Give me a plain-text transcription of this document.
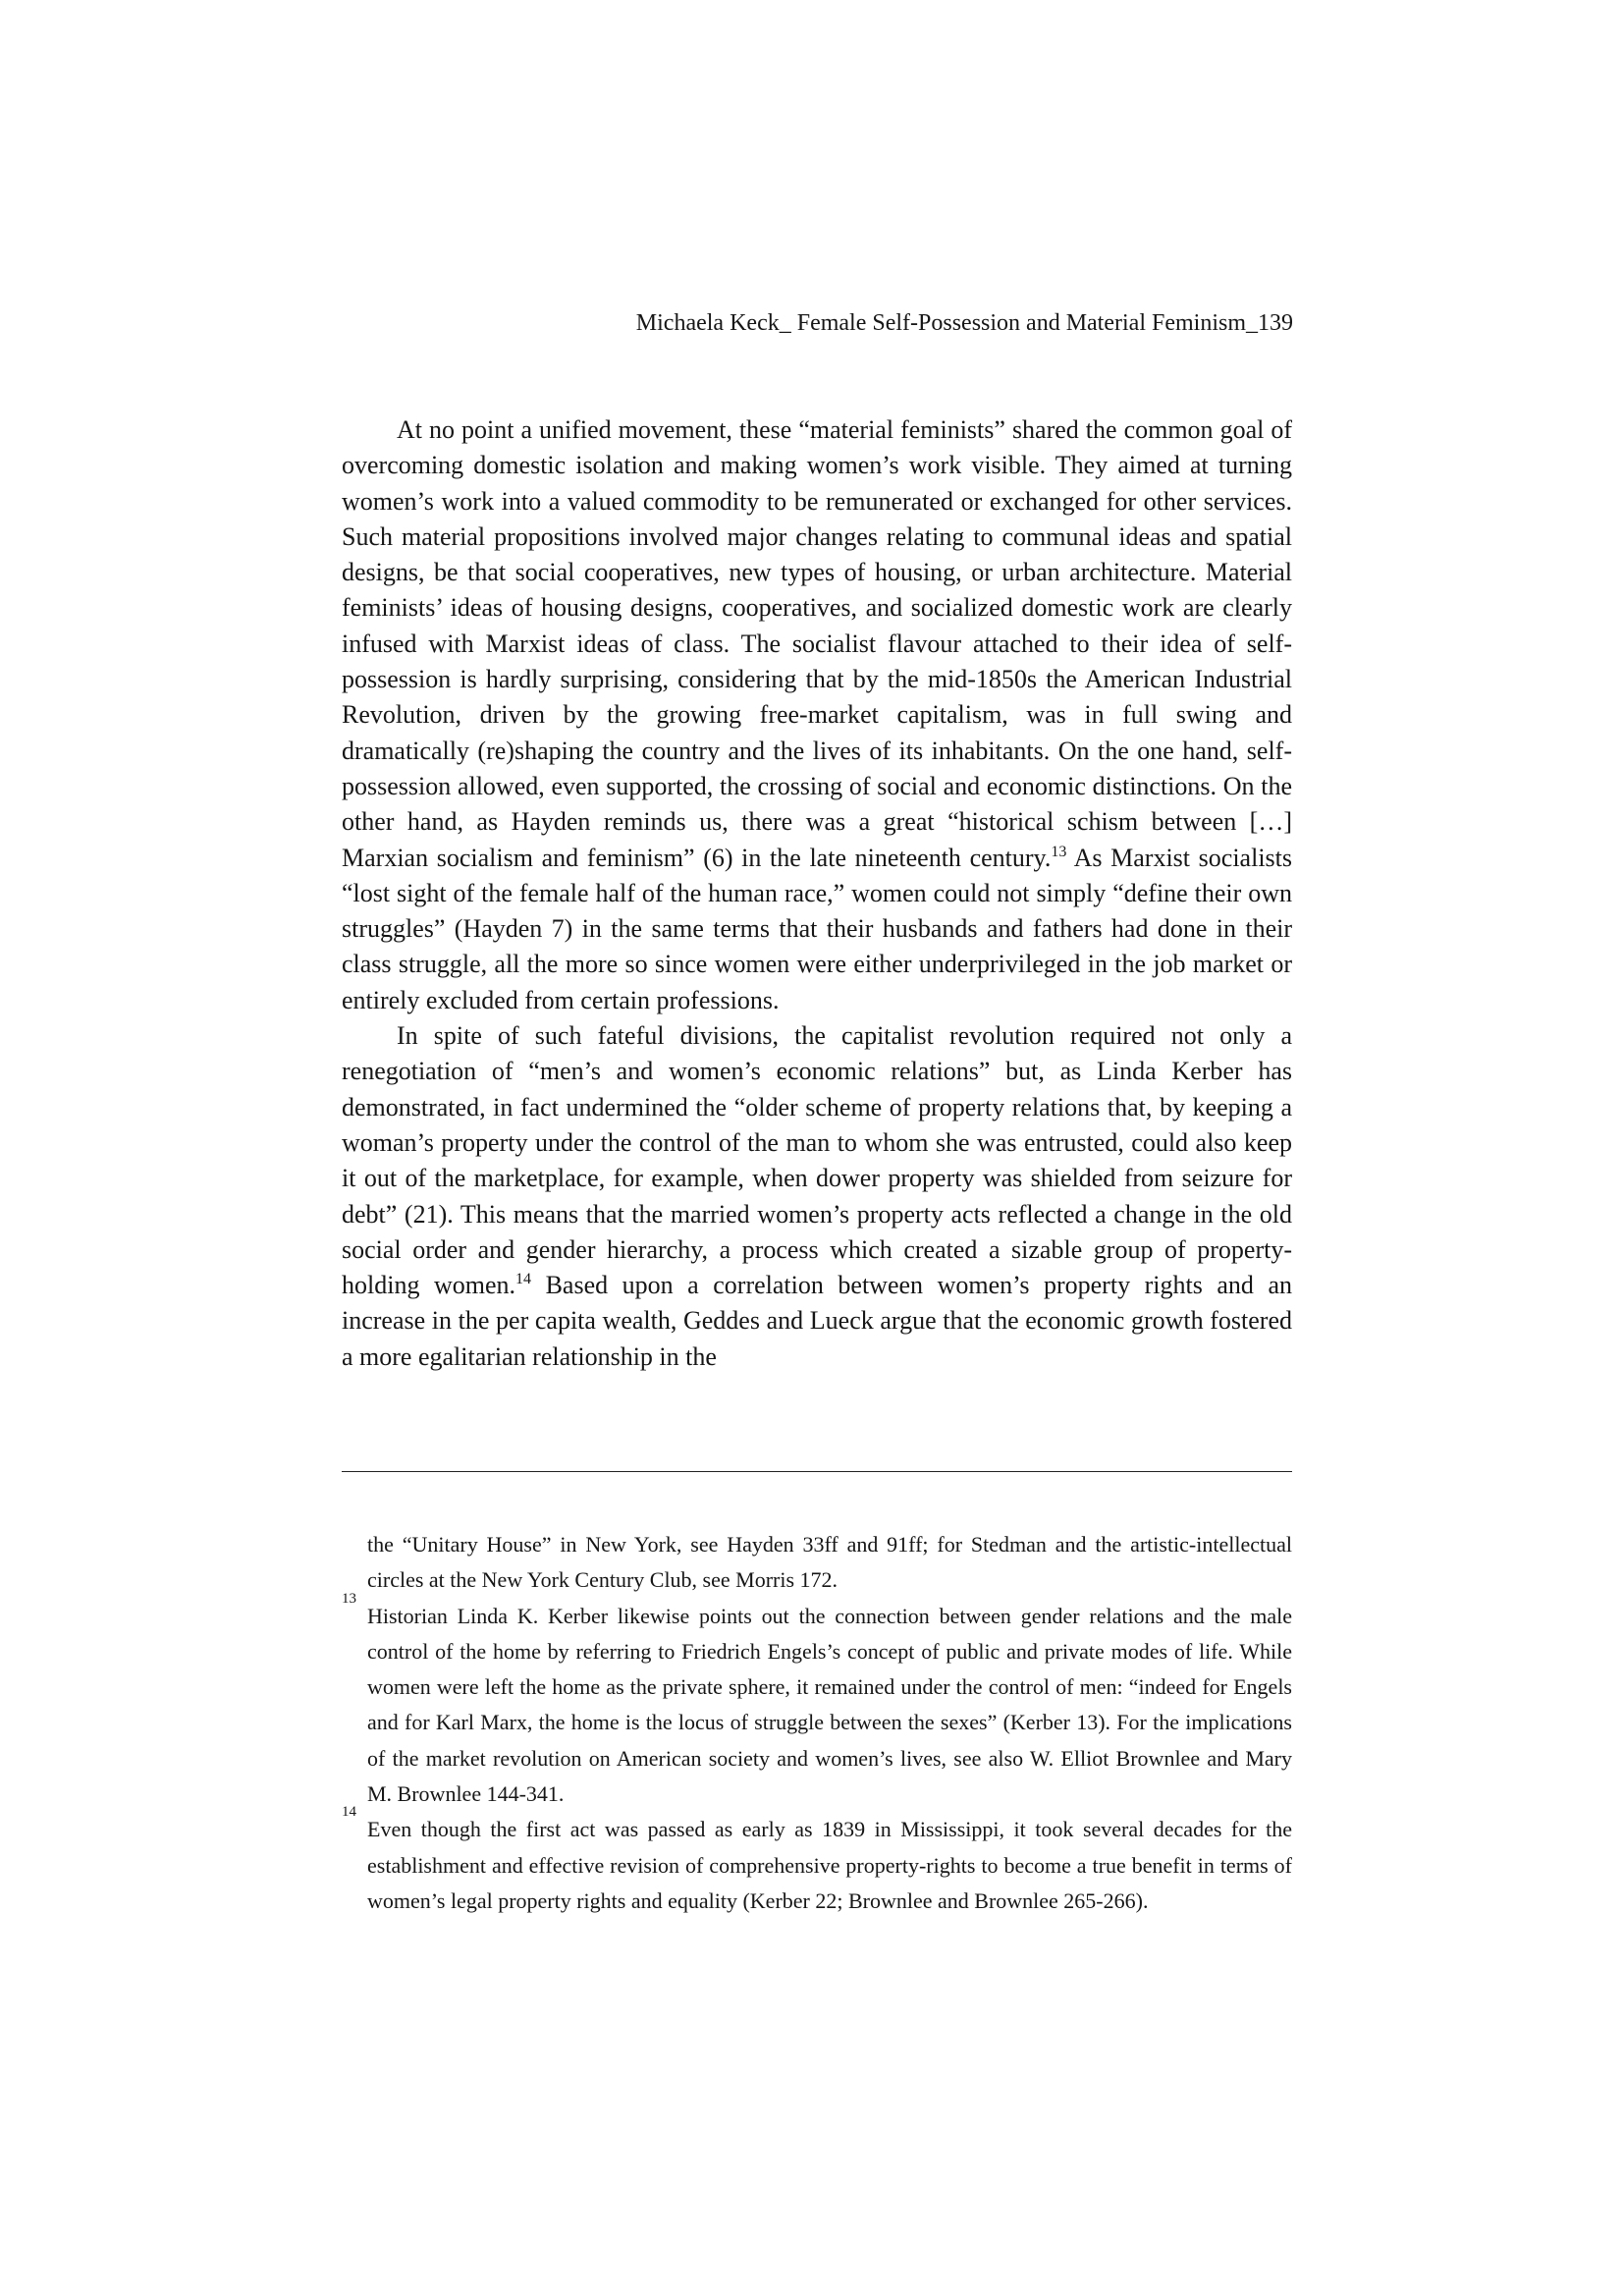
Michaela Keck_ Female Self-Possession and Material Feminism_139

At no point a unified movement, these “material feminists” shared the common goal of overcoming domestic isolation and making women’s work visible. They aimed at turning women’s work into a valued commodity to be remunerated or exchanged for other services. Such material propositions involved major changes relating to communal ideas and spatial designs, be that social cooperatives, new types of housing, or urban architecture. Material feminists’ ideas of housing designs, cooperatives, and socialized domestic work are clearly infused with Marxist ideas of class. The socialist flavour attached to their idea of self-possession is hardly surprising, considering that by the mid-1850s the American Industrial Revolution, driven by the growing free-market capitalism, was in full swing and dramatically (re)shaping the country and the lives of its inhabitants. On the one hand, self-possession allowed, even supported, the crossing of social and economic distinctions. On the other hand, as Hayden reminds us, there was a great “historical schism between […] Marxian socialism and feminism” (6) in the late nineteenth century.$^{13}$ As Marxist socialists “lost sight of the female half of the human race,” women could not simply “define their own struggles” (Hayden 7) in the same terms that their husbands and fathers had done in their class struggle, all the more so since women were either underprivileged in the job market or entirely excluded from certain professions.

In spite of such fateful divisions, the capitalist revolution required not only a renegotiation of “men’s and women’s economic relations” but, as Linda Kerber has demonstrated, in fact undermined the “older scheme of property relations that, by keeping a woman’s property under the control of the man to whom she was entrusted, could also keep it out of the marketplace, for example, when dower property was shielded from seizure for debt” (21). This means that the married women’s property acts reflected a change in the old social order and gender hierarchy, a process which created a sizable group of property-holding women.$^{14}$ Based upon a correlation between women’s property rights and an increase in the per capita wealth, Geddes and Lueck argue that the economic growth fostered a more egalitarian relationship in the

the “Unitary House” in New York, see Hayden 33ff and 91ff; for Stedman and the artistic-intellectual circles at the New York Century Club, see Morris 172.
13
Historian Linda K. Kerber likewise points out the connection between gender relations and the male control of the home by referring to Friedrich Engels’s concept of public and private modes of life. While women were left the home as the private sphere, it remained under the control of men: “indeed for Engels and for Karl Marx, the home is the locus of struggle between the sexes” (Kerber 13). For the implications of the market revolution on American society and women’s lives, see also W. Elliot Brownlee and Mary M. Brownlee 144-341.
14
Even though the first act was passed as early as 1839 in Mississippi, it took several decades for the establishment and effective revision of comprehensive property-rights to become a true benefit in terms of women’s legal property rights and equality (Kerber 22; Brownlee and Brownlee 265-266).
